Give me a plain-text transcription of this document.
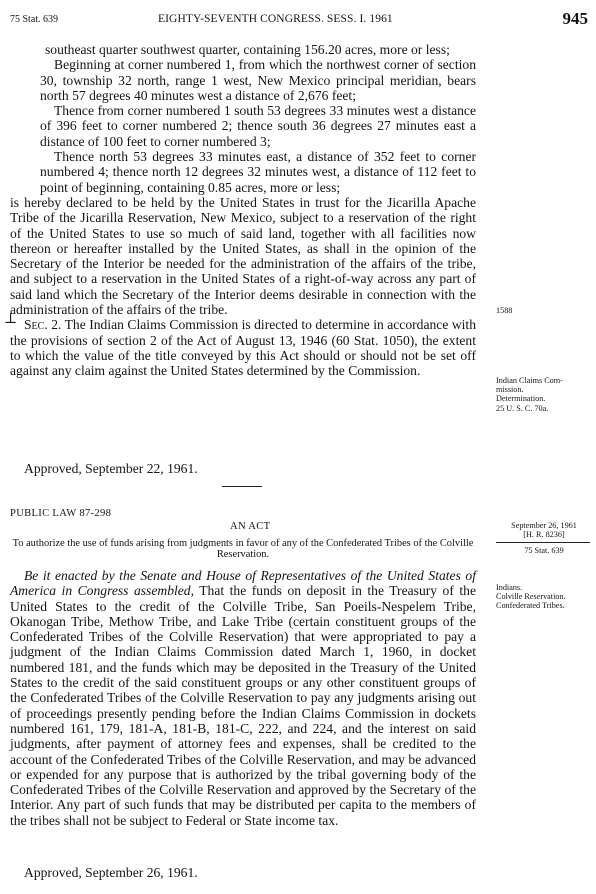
75 Stat. 639	EIGHTY-SEVENTH CONGRESS. SESS. I. 1961	945
⊥

southeast quarter southwest quarter, containing 156.20 acres, more or less;

Beginning at corner numbered 1, from which the northwest corner of section 30, township 32 north, range 1 west, New Mexico principal meridian, bears north 57 degrees 40 minutes west a distance of 2,676 feet;

Thence from corner numbered 1 south 53 degrees 33 minutes west a distance of 396 feet to corner numbered 2; thence south 36 degrees 27 minutes east a distance of 100 feet to corner numbered 3;

Thence north 53 degrees 33 minutes east, a distance of 352 feet to corner numbered 4; thence north 12 degrees 32 minutes west, a distance of 112 feet to point of beginning, containing 0.85 acres, more or less;

is hereby declared to be held by the United States in trust for the Jicarilla Apache Tribe of the Jicarilla Reservation, New Mexico, subject to a reservation of the right of the United States to use so much of said land, together with all facilities now thereon or hereafter installed by the United States, as shall in the opinion of the Secretary of the Interior be needed for the administration of the affairs of the tribe, and subject to a reservation in the United States of a right-of-way across any part of said land which the Secretary of the Interior deems desirable in connection with the administration of the affairs of the tribe.

Sec. 2. The Indian Claims Commission is directed to determine in accordance with the provisions of section 2 of the Act of August 13, 1946 (60 Stat. 1050), the extent to which the value of the title conveyed by this Act should or should not be set off against any claim against the United States determined by the Commission.

Approved, September 22, 1961.
PUBLIC LAW 87-298
AN ACT
To authorize the use of funds arising from judgments in favor of any of the Confederated Tribes of the Colville Reservation.

Be it enacted by the Senate and House of Representatives of the United States of America in Congress assembled, That the funds on deposit in the Treasury of the United States to the credit of the Colville Tribe, San Poeils-Nespelem Tribe, Okanogan Tribe, Methow Tribe, and Lake Tribe (certain constituent groups of the Confederated Tribes of the Colville Reservation) that were appropriated to pay a judgment of the Indian Claims Commission dated March 1, 1960, in docket numbered 181, and the funds which may be deposited in the Treasury of the United States to the credit of the said constituent groups or any other constituent groups of the Confederated Tribes of the Colville Reservation to pay any judgments arising out of proceedings presently pending before the Indian Claims Commission in dockets numbered 161, 179, 181-A, 181-B, 181-C, 222, and 224, and the interest on said judgments, after payment of attorney fees and expenses, shall be credited to the account of the Confederated Tribes of the Colville Reservation, and may be advanced or expended for any purpose that is authorized by the tribal governing body of the Confederated Tribes of the Colville Reservation and approved by the Secretary of the Interior. Any part of such funds that may be distributed per capita to the members of the tribes shall not be subject to Federal or State income tax.

Approved, September 26, 1961.
1588
Indian Claims Com-
mission.
Determination.
25 U. S. C. 70a.
September 26, 1961
[H. R. 8236]
75 Stat. 639
Indians.
Colville Reservation.
Confederated Tribes.
